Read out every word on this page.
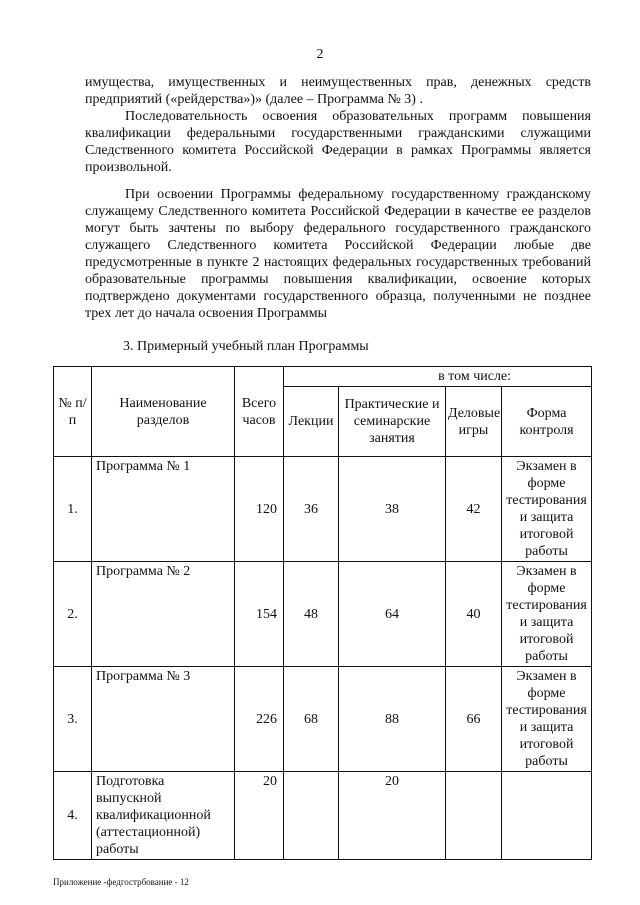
2

имущества, имущественных и неимущественных прав, денежных средств предприятий («рейдерства»)» (далее – Программа № 3) .

Последовательность освоения образовательных программ повышения квалификации федеральными государственными гражданскими служащими Следственного комитета Российской Федерации в рамках Программы является произвольной.

При освоении Программы федеральному государственному гражданскому служащему Следственного комитета Российской Федерации в качестве ее разделов могут быть зачтены по выбору федерального государственного гражданского служащего Следственного комитета Российской Федерации любые две предусмотренные в пункте 2 настоящих федеральных государственных требований образовательные программы повышения квалификации, освоение которых подтверждено документами государственного образца, полученными не позднее трех лет до начала освоения Программы

3. Примерный учебный план Программы
№ п/п	Наименование разделов	Всего часов	в том числе:			
			Лекции	Практические и семинарские занятия	Деловые игры	Форма контроля
1.	Программа № 1	120	36	38	42	Экзамен в форме тестирования и защита итоговой работы
2.	Программа № 2	154	48	64	40	Экзамен в форме тестирования и защита итоговой работы
3.	Программа № 3	226	68	88	66	Экзамен в форме тестирования и защита итоговой работы
4.	Подготовка выпускной квалификационной (аттестационной) работы	20		20		
Приложение -федгострбование - 12
